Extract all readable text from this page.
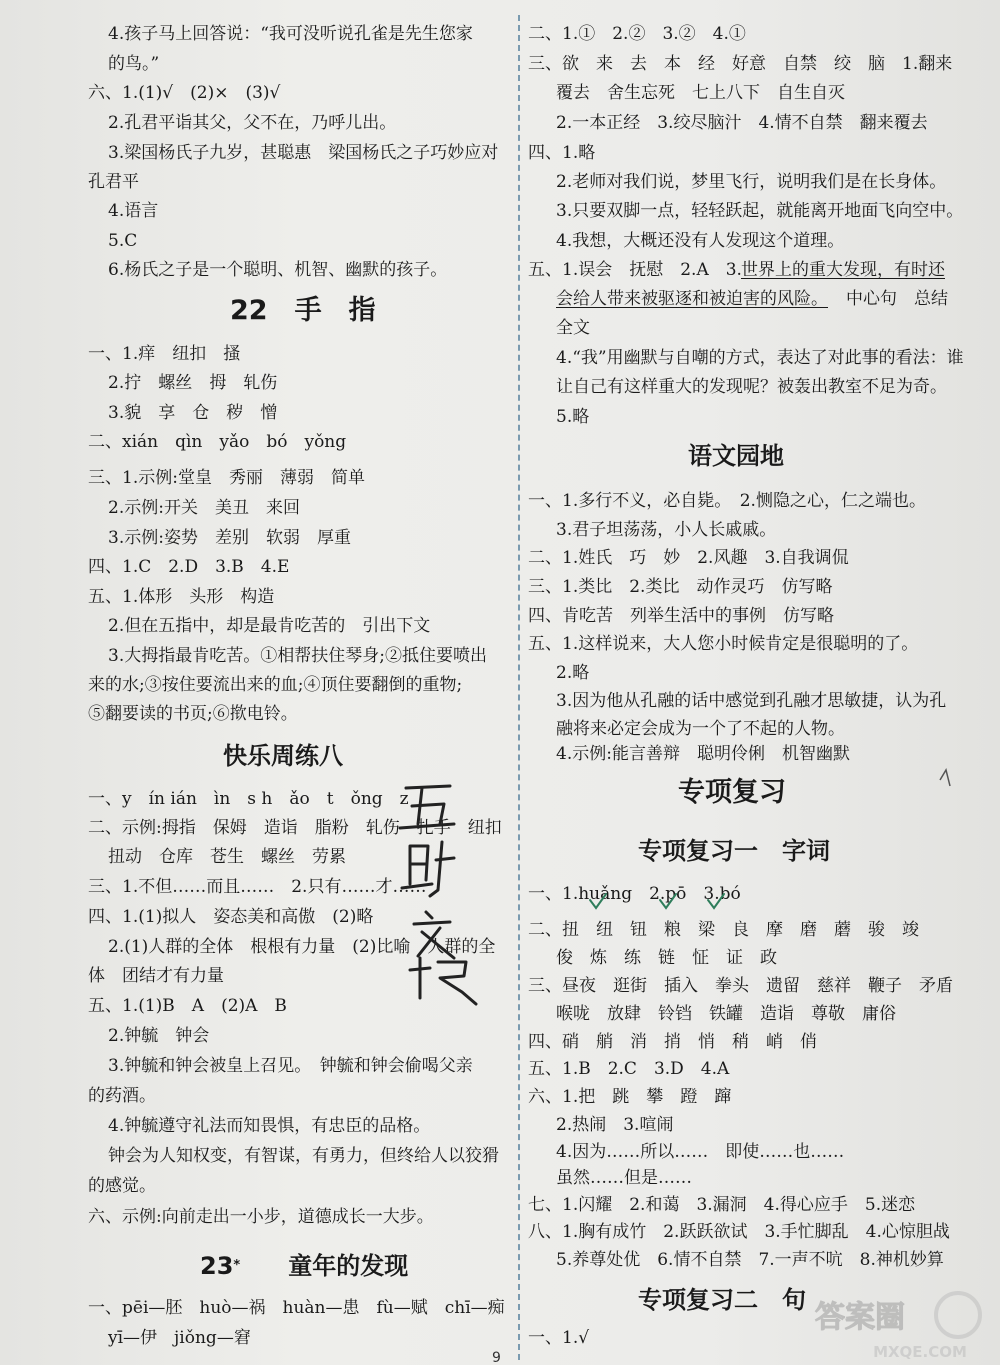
22　 手　指
快乐周练八
23*　　 童年的发现
4.孩子马上回答说：“我可没听说孔雀是先生您家
的鸟。”
六、1.(1)√　(2)×　(3)√
2.孔君平诣其父，父不在，乃呼儿出。
3.梁国杨氏子九岁，甚聪惠　梁国杨氏之子巧妙应对
孔君平
4.语言
5.C
6.杨氏之子是一个聪明、机智、幽默的孩子。
一、1.痒　纽扣　搔
2.拧　螺丝　拇　轧伤
3.貌　享　仓　秽　憎
二、xián　qìn　yǎo　bó　yǒng
三、1.示例:堂皇　秀丽　薄弱　简单
2.示例:开关　美丑　来回
3.示例:姿势　差别　软弱　厚重
四、1.C　2.D　3.B　4.E
五、1.体形　头形　构造
2.但在五指中，却是最肯吃苦的　引出下文
3.大拇指最肯吃苦。①相帮扶住琴身;②抵住要喷出
来的水;③按住要流出来的血;④顶住要翻倒的重物;
⑤翻要读的书页;⑥揿电铃。
一、y　ín ián　ìn　s h　ǎo　t　ǒng　z
二、示例:拇指　保姆　造诣　脂粉　轧伤　扎手　纽扣
扭动　仓库　苍生　螺丝　劳累
三、1.不但……而且……　2.只有……才……
四、1.(1)拟人　姿态美和高傲　(2)略
2.(1)人群的全体　根根有力量　(2)比喻　人群的全
体　团结才有力量
五、1.(1)B　A　(2)A　B
2.钟毓　钟会
3.钟毓和钟会被皇上召见。　钟毓和钟会偷喝父亲
的药酒。
4.钟毓遵守礼法而知畏惧，有忠臣的品格。
钟会为人知权变，有智谋，有勇力，但终给人以狡猾
的感觉。
六、示例:向前走出一小步，道德成长一大步。
一、pēi—胚　huò—祸　huàn—患　fù—赋　chī—痴
yī—伊　jiǒng—窘
语文园地
专项复习
专项复习一　字词
专项复习二　句
二、1.①　2.②　3.②　4.①
三、欲　来　去　本　经　好意　自禁　绞　脑　1.翻来
覆去　舍生忘死　七上八下　自生自灭
2.一本正经　3.绞尽脑汁　4.情不自禁　翻来覆去
四、1.略
2.老师对我们说，梦里飞行，说明我们是在长身体。
3.只要双脚一点，轻轻跃起，就能离开地面飞向空中。
4.我想，大概还没有人发现这个道理。
五、1.误会　抚慰　2.A　3. 世界上的重大发现，有时还
会给人带来被驱逐和被迫害的风险。 中心句　总结
全文
4.“我”用幽默与自嘲的方式，表达了对此事的看法：谁
让自己有这样重大的发现呢？被轰出教室不足为奇。
5.略
一、1.多行不义，必自毙。　2.恻隐之心，仁之端也。
3.君子坦荡荡，小人长戚戚。
二、1.姓氏　巧　妙　2.风趣　3.自我调侃
三、1.类比　2.类比　动作灵巧　仿写略
四、肯吃苦　列举生活中的事例　仿写略
五、1.这样说来，大人您小时候肯定是很聪明的了。
2.略
3.因为他从孔融的话中感觉到孔融才思敏捷，认为孔
融将来必定会成为一个了不起的人物。
4.示例:能言善辩　聪明伶俐　机智幽默
一、1.huǎng　2.pō　3.bó
二、扭　纽　钮　粮　梁　良　摩　磨　蘑　骏　竣
俊　炼　练　链　怔　证　政
三、昼夜　逛街　插入　拳头　遗留　慈祥　鞭子　矛盾
喉咙　放肆　铃铛　铁罐　造诣　尊敬　庸俗
四、硝　艄　消　捎　悄　稍　峭　俏
五、1.B　2.C　3.D　4.A
六、1.把　跳　攀　蹬　蹿
2.热闹　3.喧闹
4.因为……所以……　即使……也……
虽然……但是……
七、1.闪耀　2.和蔼　3.漏洞　4.得心应手　5.迷恋
八、1.胸有成竹　2.跃跃欲试　3.手忙脚乱　4.心惊胆战
5.养尊处优　6.情不自禁　7.一声不吭　8.神机妙算
一、1.√
答案圈
MXQE.COM
9
